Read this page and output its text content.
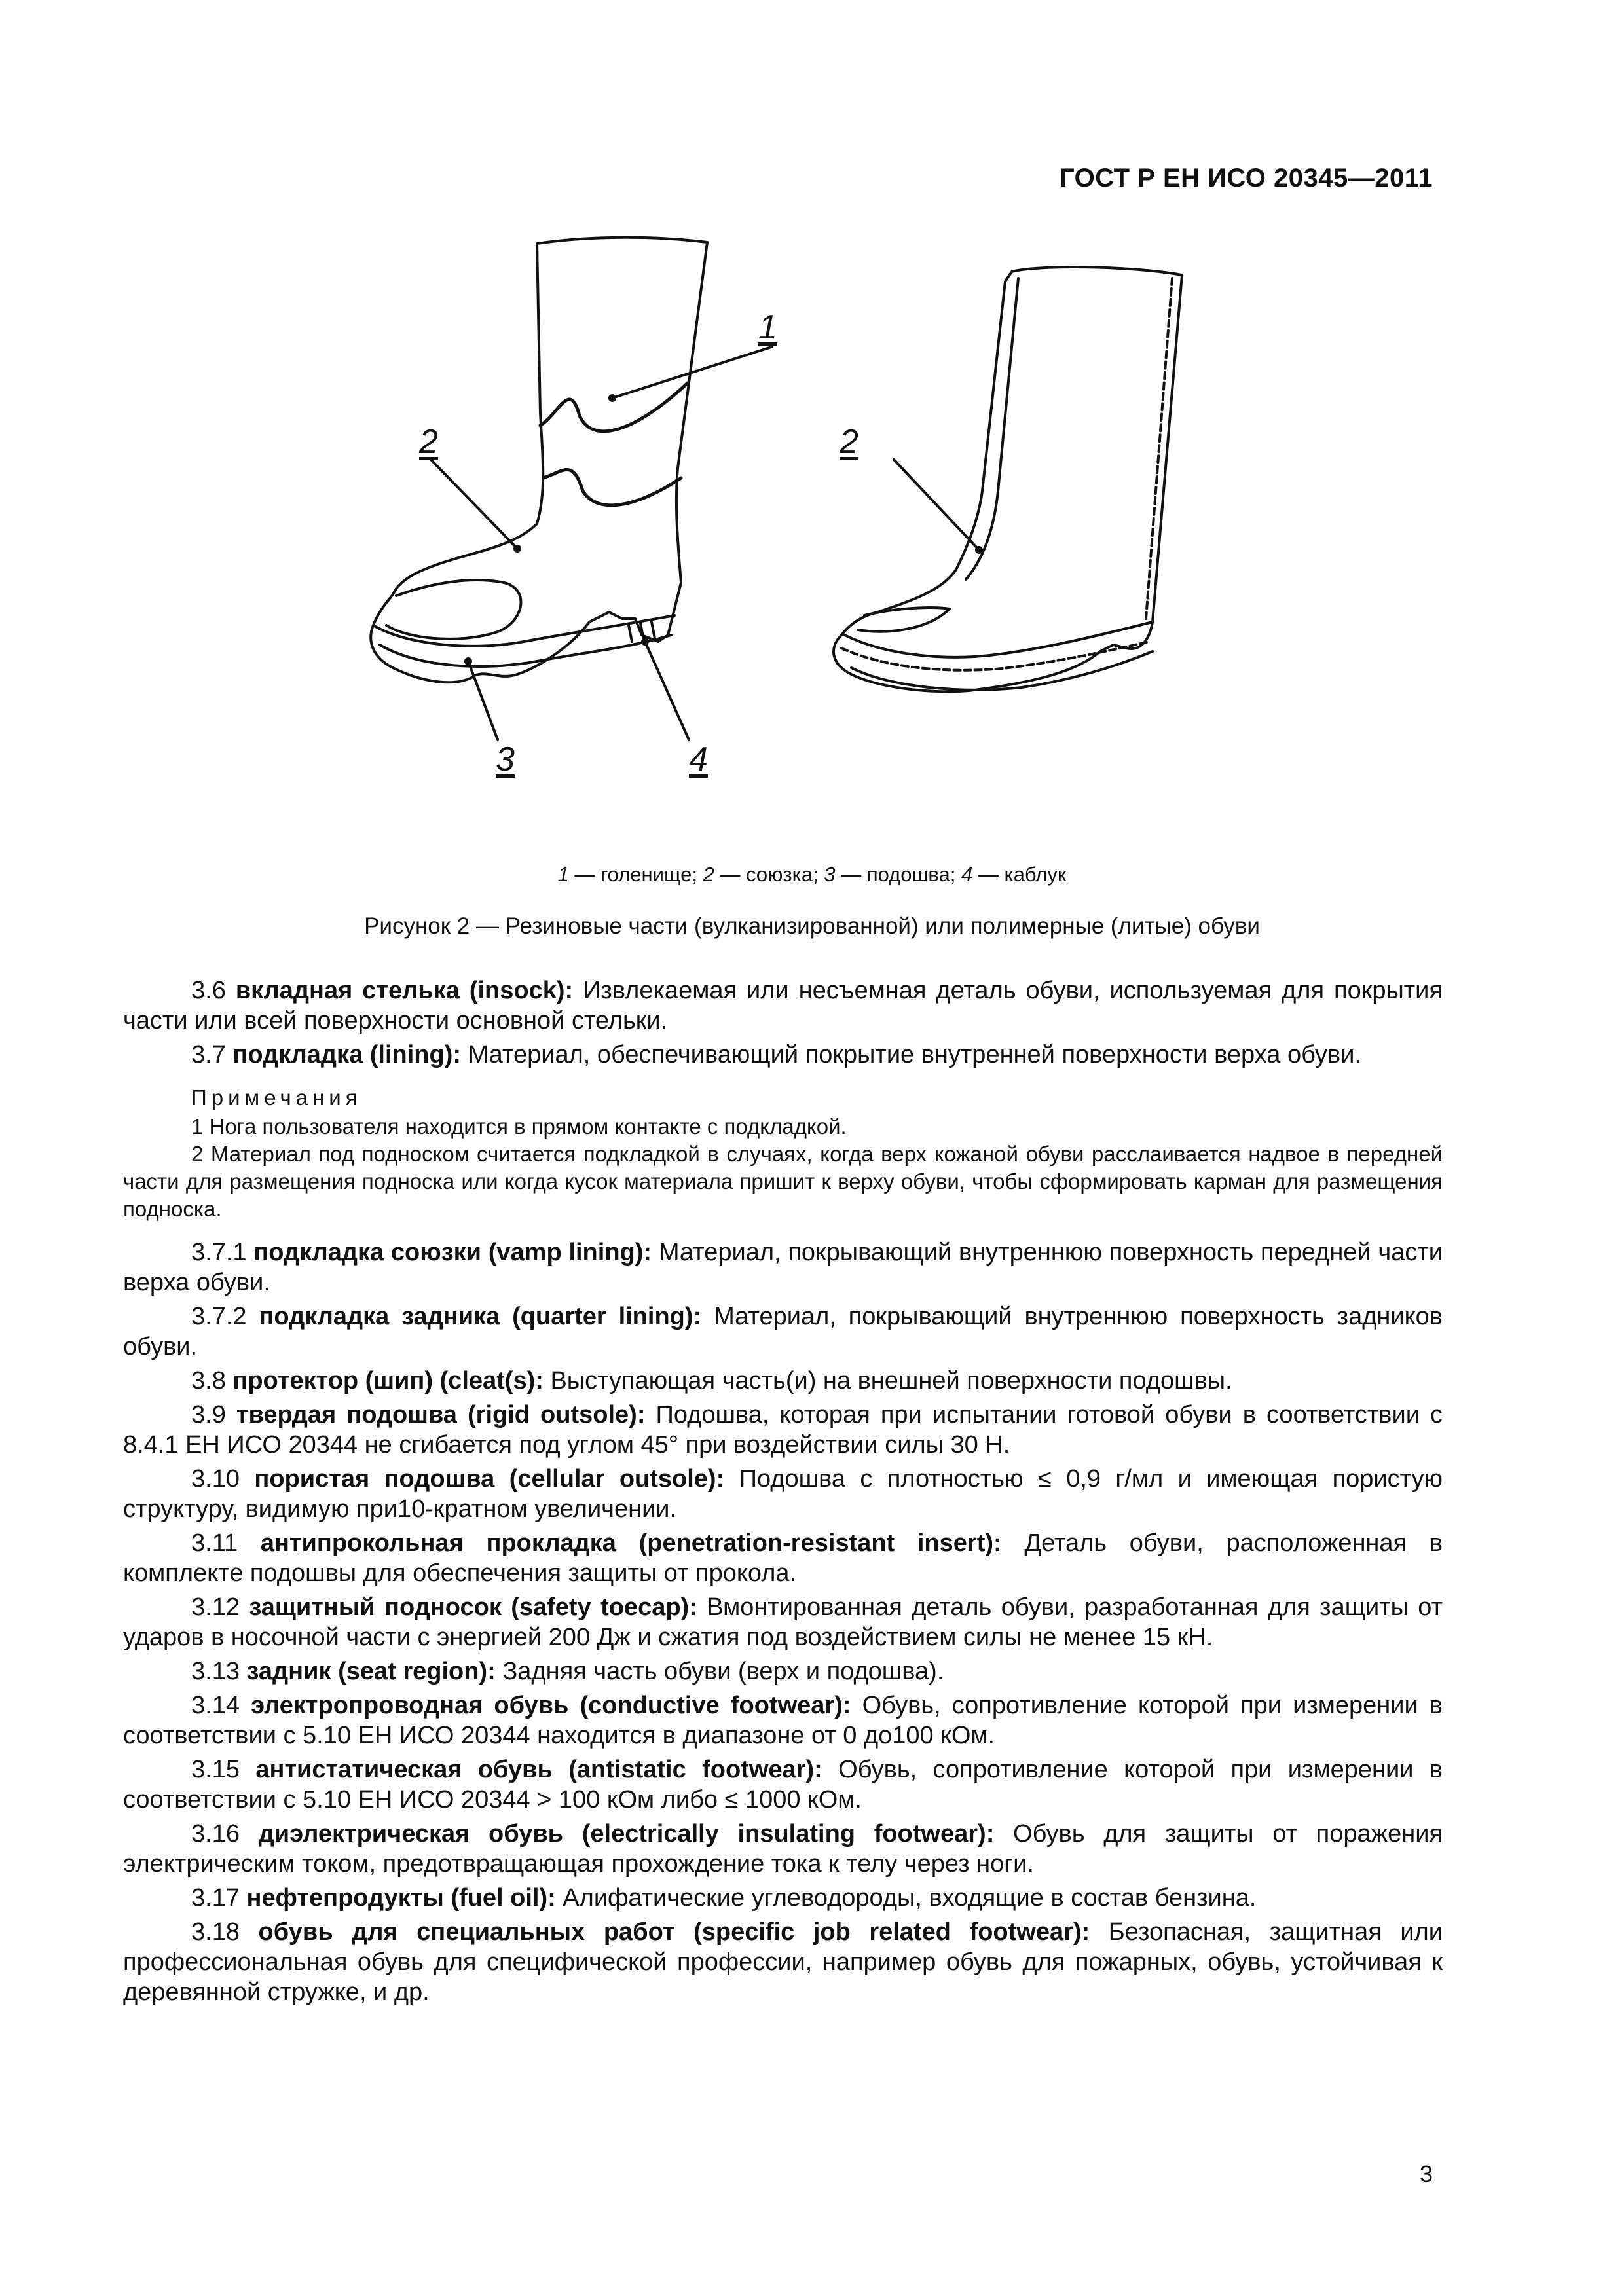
ГОСТ Р ЕН ИСО 20345—2011
1
2
3	4
2
1 — голенище; 2 — союзка; 3 — подошва; 4 — каблук
Рисунок 2 — Резиновые части (вулканизированной) или полимерные (литые) обуви

3.6 вкладная стелька (insock): Извлекаемая или несъемная деталь обуви, используемая для покрытия части или всей поверхности основной стельки.

3.7 подкладка (lining): Материал, обеспечивающий покрытие внутренней поверхности верха обуви.

Примечания

1 Нога пользователя находится в прямом контакте с подкладкой.

2 Материал под подноском считается подкладкой в случаях, когда верх кожаной обуви расслаивается надвое в передней части для размещения подноска или когда кусок материала пришит к верху обуви, чтобы сформировать карман для размещения подноска.

3.7.1 подкладка союзки (vamp lining): Материал, покрывающий внутреннюю поверхность передней части верха обуви.

3.7.2 подкладка задника (quarter lining): Материал, покрывающий внутреннюю поверхность задников обуви.

3.8 протектор (шип) (cleat(s): Выступающая часть(и) на внешней поверхности подошвы.

3.9 твердая подошва (rigid outsole): Подошва, которая при испытании готовой обуви в соответствии с 8.4.1 ЕН ИСО 20344 не сгибается под углом 45° при воздействии силы 30 Н.

3.10 пористая подошва (cellular outsole): Подошва с плотностью ≤ 0,9 г/мл и имеющая пористую структуру, видимую при10-кратном увеличении.

3.11 антипрокольная прокладка (penetration-resistant insert): Деталь обуви, расположенная в комплекте подошвы для обеспечения защиты от прокола.

3.12 защитный подносок (safety toecap): Вмонтированная деталь обуви, разработанная для защиты от ударов в носочной части с энергией 200 Дж и сжатия под воздействием силы не менее 15 кН.

3.13 задник (seat region): Задняя часть обуви (верх и подошва).

3.14 электропроводная обувь (conductive footwear): Обувь, сопротивление которой при измерении в соответствии с 5.10 ЕН ИСО 20344 находится в диапазоне от 0 до100 кОм.

3.15 антистатическая обувь (antistatic footwear): Обувь, сопротивление которой при измерении в соответствии с 5.10 ЕН ИСО 20344 > 100 кОм либо ≤ 1000 кОм.

3.16 диэлектрическая обувь (electrically insulating footwear): Обувь для защиты от поражения электрическим током, предотвращающая прохождение тока к телу через ноги.

3.17 нефтепродукты (fuel oil): Алифатические углеводороды, входящие в состав бензина.

3.18 обувь для специальных работ (specific job related footwear): Безопасная, защитная или профессиональная обувь для специфической профессии, например обувь для пожарных, обувь, устойчивая к деревянной стружке, и др.

3
